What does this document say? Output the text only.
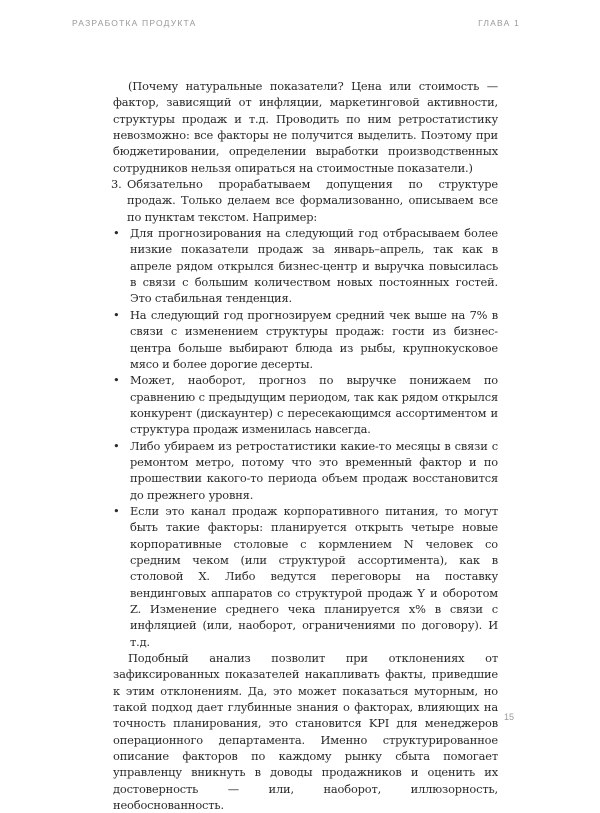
РАЗРАБОТКА ПРОДУКТА	ГЛАВА 1

(Почему натуральные показатели? Цена или стоимость — фактор, зависящий от инфляции, маркетинговой активности, структуры продаж и т.д. Проводить по ним ретростатистику невозможно: все факторы не получится выделить. Поэтому при бюджетировании, определении выработки производственных сотрудников нельзя опираться на стоимостные показатели.)

3. Обязательно прорабатываем допущения по структуре продаж. Только делаем все формализованно, описываем все по пунктам текстом. Например:

• Для прогнозирования на следующий год отбрасываем более низкие показатели продаж за январь–апрель, так как в апреле рядом открылся бизнес-центр и выручка повысилась в связи с большим количеством новых постоянных гостей. Это стабильная тенденция.
• На следующий год прогнозируем средний чек выше на 7% в связи с изменением структуры продаж: гости из бизнес-центра больше выбирают блюда из рыбы, крупнокусковое мясо и более дорогие десерты.
• Может, наоборот, прогноз по выручке понижаем по сравнению с предыдущим периодом, так как рядом открылся конкурент (дискаунтер) с пересекающимся ассортиментом и структура продаж изменилась навсегда.
• Либо убираем из ретростатистики какие-то месяцы в связи с ремонтом метро, потому что это временный фактор и по прошествии какого-то периода объем продаж восстановится до прежнего уровня.
• Если это канал продаж корпоративного питания, то могут быть такие факторы: планируется открыть четыре новые корпоративные столовые с кормлением N человек со средним чеком (или структурой ассортимента), как в столовой X. Либо ведутся переговоры на поставку вендинговых аппаратов со структурой продаж Y и оборотом Z. Изменение среднего чека планируется x% в связи с инфляцией (или, наоборот, ограничениями по договору). И т.д.

Подобный анализ позволит при отклонениях от зафиксированных показателей накапливать факты, приведшие к этим отклонениям. Да, это может показаться муторным, но такой подход дает глубинные знания о факторах, влияющих на точность планирования, это становится KPI для менеджеров операционного департамента. Именно структурированное описание факторов по каждому рынку сбыта помогает управленцу вникнуть в доводы продажников и оценить их достоверность — или, наоборот, иллюзорность, необоснованность.

15
